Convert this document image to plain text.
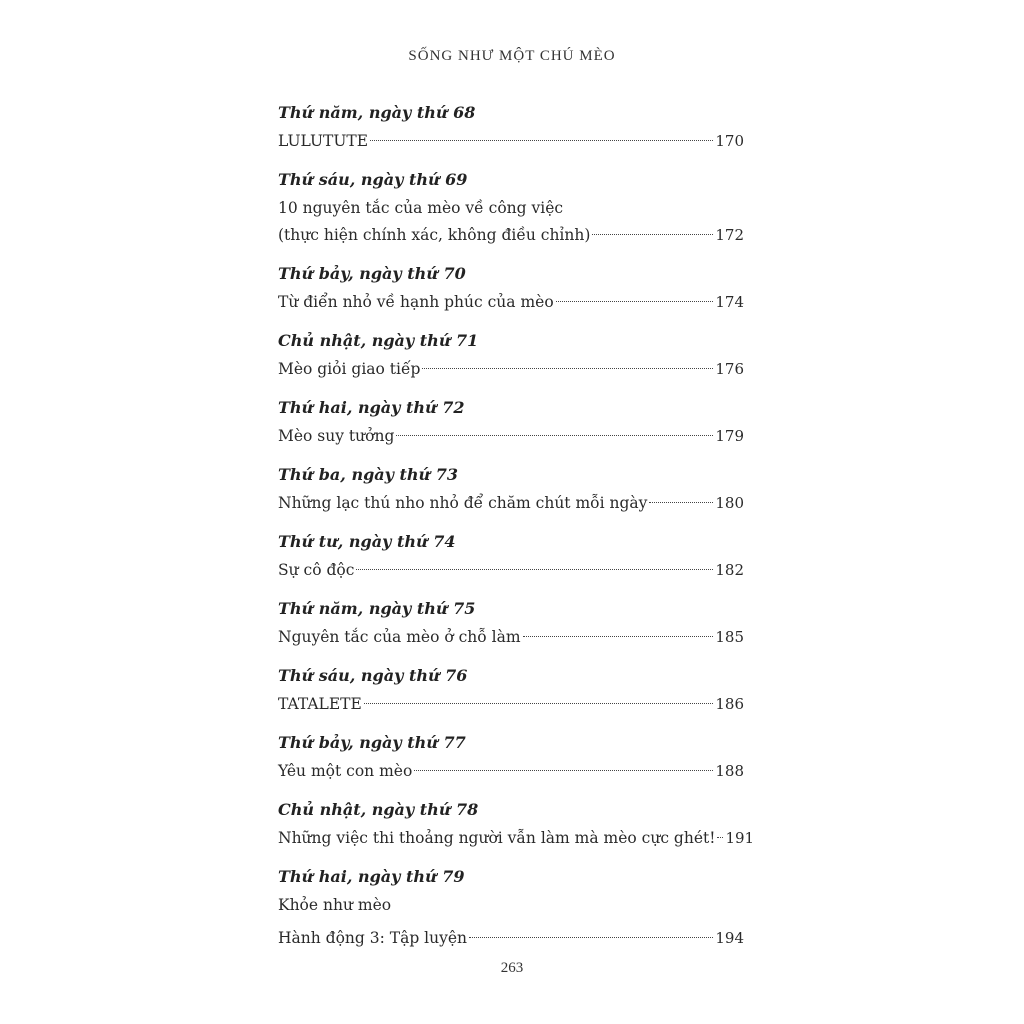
SỐNG NHƯ MỘT CHÚ MÈO
Thứ năm, ngày thứ 68
LULUTUTE	170
Thứ sáu, ngày thứ 69
10 nguyên tắc của mèo về công việc
(thực hiện chính xác, không điều chỉnh)	172
Thứ bảy, ngày thứ 70
Từ điển nhỏ về hạnh phúc của mèo	174
Chủ nhật, ngày thứ 71
Mèo giỏi giao tiếp	176
Thứ hai, ngày thứ 72
Mèo suy tưởng	179
Thứ ba, ngày thứ 73
Những lạc thú nho nhỏ để chăm chút mỗi ngày	180
Thứ tư, ngày thứ 74
Sự cô độc	182
Thứ năm, ngày thứ 75
Nguyên tắc của mèo ở chỗ làm	185
Thứ sáu, ngày thứ 76
TATALETE	186
Thứ bảy, ngày thứ 77
Yêu một con mèo	188
Chủ nhật, ngày thứ 78
Những việc thi thoảng người vẫn làm mà mèo cực ghét! 191
Thứ hai, ngày thứ 79
Khỏe như mèo
Hành động 3: Tập luyện	194
263
